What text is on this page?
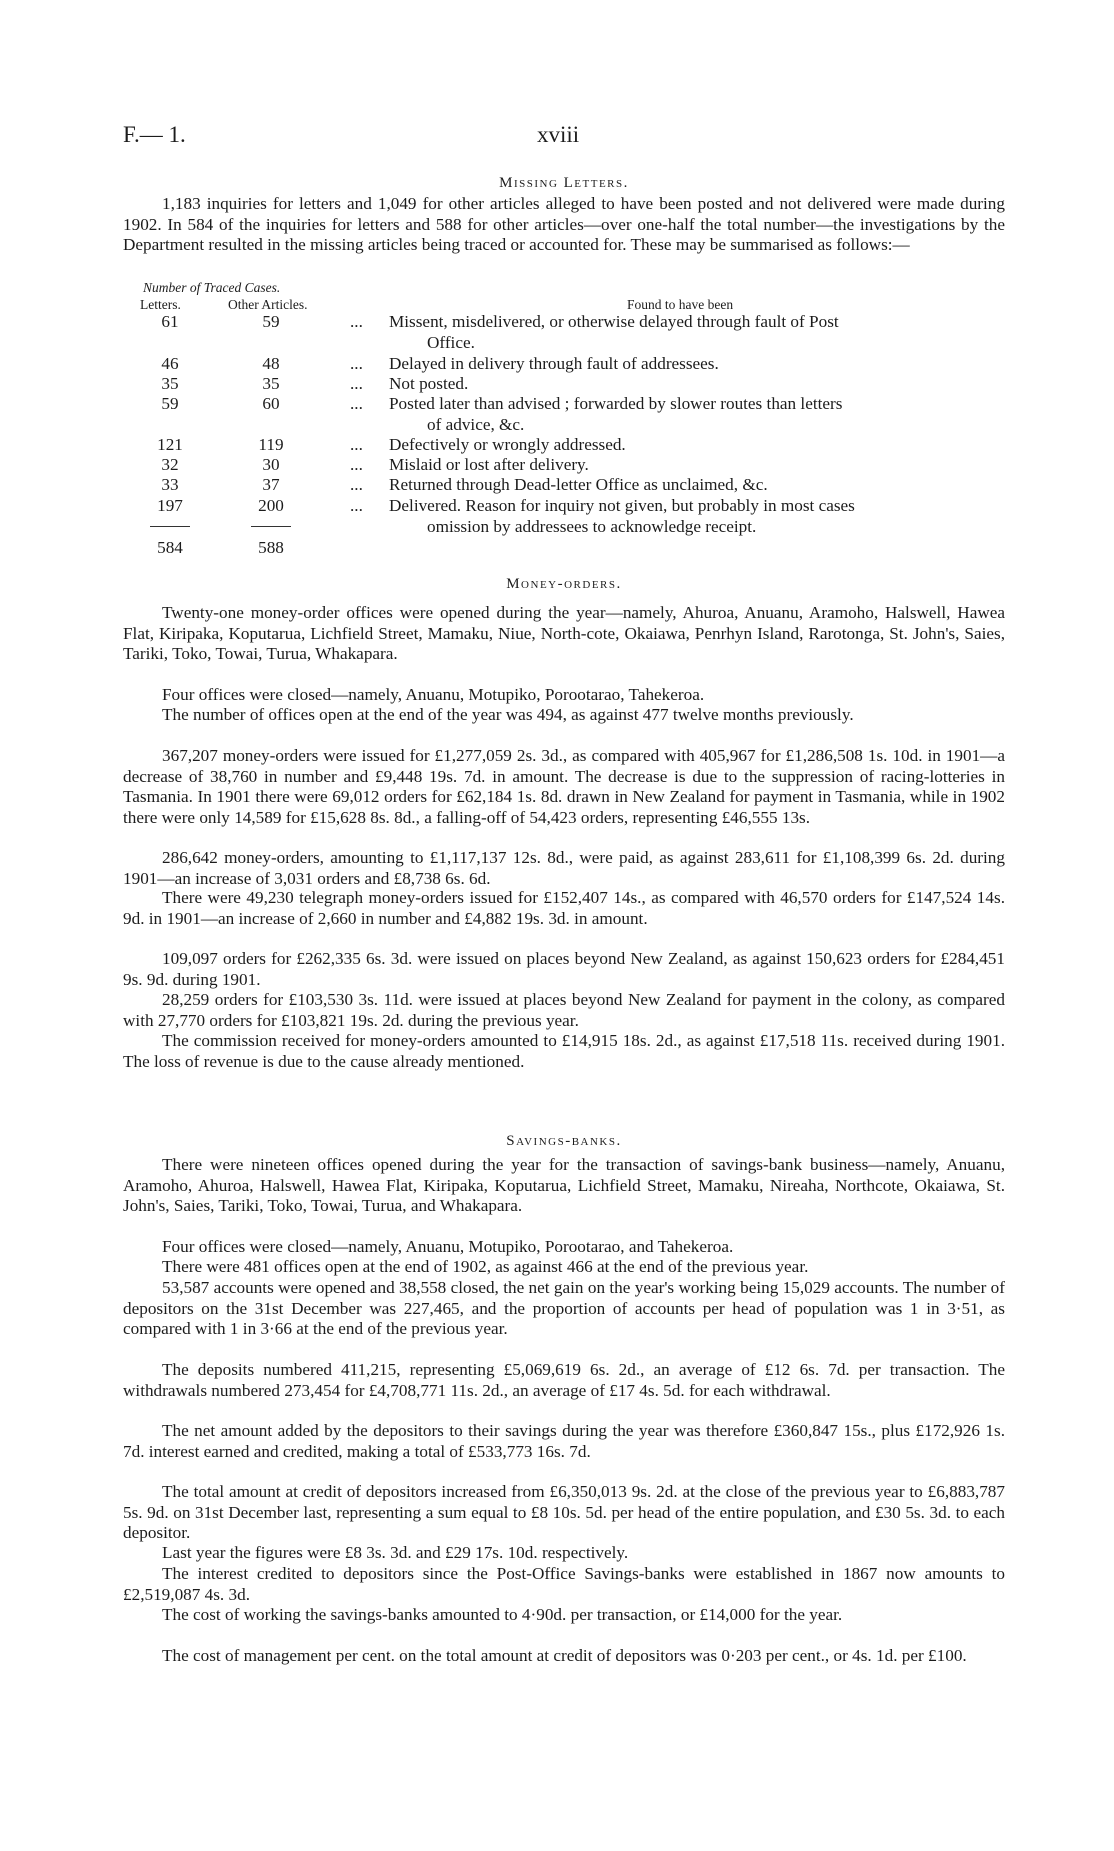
F.— 1.	xviii
Missing Letters.

1,183 inquiries for letters and 1,049 for other articles alleged to have been posted and not delivered were made during 1902. In 584 of the inquiries for letters and 588 for other articles—over one-half the total number—the investigations by the Department resulted in the missing articles being traced or accounted for. These may be summarised as follows:—

Number of Traced Cases.
Letters.	Other Articles.	Found to have been
61	59	... Missent, misdelivered, or otherwise delayed through fault of Post
Office.
46	48	... Delayed in delivery through fault of addressees.
35	35	... Not posted.
59	60	... Posted later than advised ; forwarded by slower routes than letters
of advice, &c.
121	119	... Defectively or wrongly addressed.
32	30	... Mislaid or lost after delivery.
33	37	... Returned through Dead-letter Office as unclaimed, &c.
197	200	... Delivered. Reason for inquiry not given, but probably in most cases
omission by addressees to acknowledge receipt.
584	588
Money-orders.

Twenty-one money-order offices were opened during the year—namely, Ahuroa, Anuanu, Aramoho, Halswell, Hawea Flat, Kiripaka, Koputarua, Lichfield Street, Mamaku, Niue, North-cote, Okaiawa, Penrhyn Island, Rarotonga, St. John's, Saies, Tariki, Toko, Towai, Turua, Whakapara.

Four offices were closed—namely, Anuanu, Motupiko, Porootarao, Tahekeroa.

The number of offices open at the end of the year was 494, as against 477 twelve months previously.

367,207 money-orders were issued for £1,277,059 2s. 3d., as compared with 405,967 for £1,286,508 1s. 10d. in 1901—a decrease of 38,760 in number and £9,448 19s. 7d. in amount. The decrease is due to the suppression of racing-lotteries in Tasmania. In 1901 there were 69,012 orders for £62,184 1s. 8d. drawn in New Zealand for payment in Tasmania, while in 1902 there were only 14,589 for £15,628 8s. 8d., a falling-off of 54,423 orders, representing £46,555 13s.

286,642 money-orders, amounting to £1,117,137 12s. 8d., were paid, as against 283,611 for £1,108,399 6s. 2d. during 1901—an increase of 3,031 orders and £8,738 6s. 6d.

There were 49,230 telegraph money-orders issued for £152,407 14s., as compared with 46,570 orders for £147,524 14s. 9d. in 1901—an increase of 2,660 in number and £4,882 19s. 3d. in amount.

109,097 orders for £262,335 6s. 3d. were issued on places beyond New Zealand, as against 150,623 orders for £284,451 9s. 9d. during 1901.

28,259 orders for £103,530 3s. 11d. were issued at places beyond New Zealand for payment in the colony, as compared with 27,770 orders for £103,821 19s. 2d. during the previous year.

The commission received for money-orders amounted to £14,915 18s. 2d., as against £17,518 11s. received during 1901. The loss of revenue is due to the cause already mentioned.

Savings-banks.

There were nineteen offices opened during the year for the transaction of savings-bank business—namely, Anuanu, Aramoho, Ahuroa, Halswell, Hawea Flat, Kiripaka, Koputarua, Lichfield Street, Mamaku, Nireaha, Northcote, Okaiawa, St. John's, Saies, Tariki, Toko, Towai, Turua, and Whakapara.

Four offices were closed—namely, Anuanu, Motupiko, Porootarao, and Tahekeroa.

There were 481 offices open at the end of 1902, as against 466 at the end of the previous year.

53,587 accounts were opened and 38,558 closed, the net gain on the year's working being 15,029 accounts. The number of depositors on the 31st December was 227,465, and the proportion of accounts per head of population was 1 in 3·51, as compared with 1 in 3·66 at the end of the previous year.

The deposits numbered 411,215, representing £5,069,619 6s. 2d., an average of £12 6s. 7d. per transaction. The withdrawals numbered 273,454 for £4,708,771 11s. 2d., an average of £17 4s. 5d. for each withdrawal.

The net amount added by the depositors to their savings during the year was therefore £360,847 15s., plus £172,926 1s. 7d. interest earned and credited, making a total of £533,773 16s. 7d.

The total amount at credit of depositors increased from £6,350,013 9s. 2d. at the close of the previous year to £6,883,787 5s. 9d. on 31st December last, representing a sum equal to £8 10s. 5d. per head of the entire population, and £30 5s. 3d. to each depositor.

Last year the figures were £8 3s. 3d. and £29 17s. 10d. respectively.

The interest credited to depositors since the Post-Office Savings-banks were established in 1867 now amounts to £2,519,087 4s. 3d.

The cost of working the savings-banks amounted to 4·90d. per transaction, or £14,000 for the year.

The cost of management per cent. on the total amount at credit of depositors was 0·203 per cent., or 4s. 1d. per £100.
